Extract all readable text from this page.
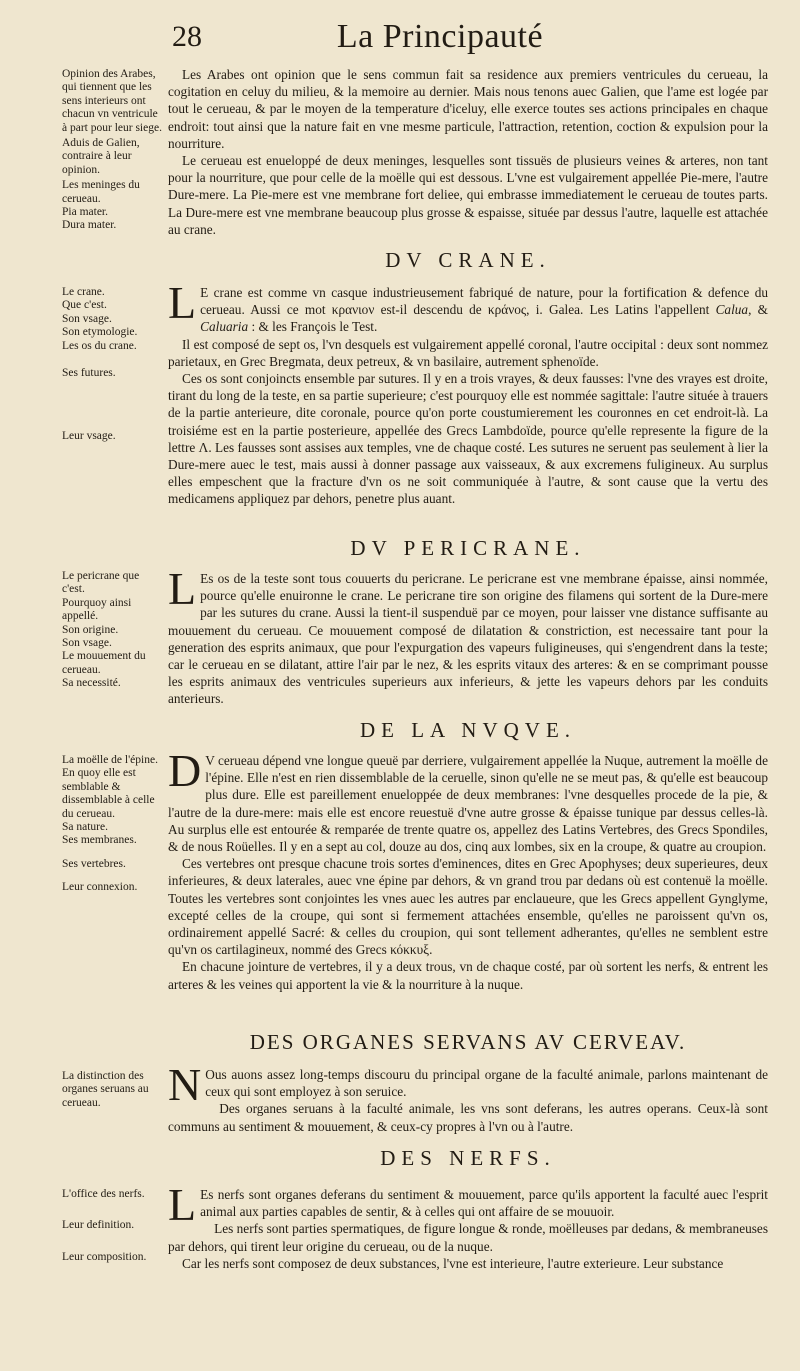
28	La Principauté

Opinion des Arabes, qui tiennent que les sens interieurs ont chacun vn ventricule à part pour leur siege.

Aduis de Galien, contraire à leur opinion.

Les meninges du cerueau.

Pia mater.

Dura mater.

Les Arabes ont opinion que le sens commun fait sa residence aux premiers ventricules du cerueau, la cogitation en celuy du milieu, & la memoire au dernier. Mais nous tenons auec Galien, que l'ame est logée par tout le cerueau, & par le moyen de la temperature d'iceluy, elle exerce toutes ses actions principales en chaque endroit: tout ainsi que la nature fait en vne mesme particule, l'attraction, retention, coction & expulsion pour la nourriture.

Le cerueau est enueloppé de deux meninges, lesquelles sont tissuës de plusieurs veines & arteres, non tant pour la nourriture, que pour celle de la moëlle qui est dessous. L'vne est vulgairement appellée Pie-mere, l'autre Dure-mere. La Pie-mere est vne membrane fort deliee, qui embrasse immediatement le cerueau de toutes parts. La Dure-mere est vne membrane beaucoup plus grosse & espaisse, située par dessus l'autre, laquelle est attachée au crane.

DV CRANE.

Le crane.

Que c'est.

Son vsage.

Son etymologie.

Les os du crane.

Ses futures.

Leur vsage.

L E crane est comme vn casque industrieusement fabriqué de nature, pour la fortification & defence du cerueau. Aussi ce mot κρανιον est-il descendu de κράνος, i. Galea. Les Latins l'appellent Calua, & Caluaria : & les François le Test.

Il est composé de sept os, l'vn desquels est vulgairement appellé coronal, l'autre occipital : deux sont nommez parietaux, en Grec Bregmata, deux petreux, & vn basilaire, autrement sphenoïde.

Ces os sont conjoincts ensemble par sutures. Il y en a trois vrayes, & deux fausses: l'vne des vrayes est droite, tirant du long de la teste, en sa partie superieure; c'est pourquoy elle est nommée sagittale: l'autre située à trauers de la partie anterieure, dite coronale, pource qu'on porte coustumierement les couronnes en cet endroit-là. La troisiéme est en la partie posterieure, appellée des Grecs Lambdoïde, pource qu'elle represente la figure de la lettre Λ. Les fausses sont assises aux temples, vne de chaque costé. Les sutures ne seruent pas seulement à lier la Dure-mere auec le test, mais aussi à donner passage aux vaisseaux, & aux excremens fuligineux. Au surplus elles empeschent que la fracture d'vn os ne soit communiquée à l'autre, & sont cause que la vertu des medicamens appliquez par dehors, penetre plus auant.

DV PERICRANE.

Le pericrane que c'est.

Pourquoy ainsi appellé.

Son origine.

Son vsage.

Le mouuement du cerueau.

Sa necessité.

L Es os de la teste sont tous couuerts du pericrane. Le pericrane est vne membrane épaisse, ainsi nommée, pource qu'elle enuironne le crane. Le pericrane tire son origine des filamens qui sortent de la Dure-mere par les sutures du crane. Aussi la tient-il suspenduë par ce moyen, pour laisser vne distance suffisante au mouuement du cerueau. Ce mouuement composé de dilatation & constriction, est necessaire tant pour la generation des esprits animaux, que pour l'expurgation des vapeurs fuligineuses, qui s'engendrent dans la teste; car le cerueau en se dilatant, attire l'air par le nez, & les esprits vitaux des arteres: & en se comprimant pousse les esprits animaux des ventricules superieurs aux inferieurs, & jette les vapeurs dehors par les conduits anterieurs.

DE LA NVQVE.

La moëlle de l'épine.

En quoy elle est semblable & dissemblable à celle du cerueau.

Sa nature.

Ses membranes.

Ses vertebres.

Leur connexion.

D V cerueau dépend vne longue queuë par derriere, vulgairement appellée la Nuque, autrement la moëlle de l'épine. Elle n'est en rien dissemblable de la ceruelle, sinon qu'elle ne se meut pas, & qu'elle est beaucoup plus dure. Elle est pareillement enueloppée de deux membranes: l'vne desquelles procede de la pie, & l'autre de la dure-mere: mais elle est encore reuestuë d'vne autre grosse & épaisse tunique par dessus celles-là. Au surplus elle est entourée & remparée de trente quatre os, appellez des Latins Vertebres, des Grecs Spondiles, & de nous Roüelles. Il y en a sept au col, douze au dos, cinq aux lombes, six en la croupe, & quatre au croupion.

Ces vertebres ont presque chacune trois sortes d'eminences, dites en Grec Apophyses; deux superieures, deux inferieures, & deux laterales, auec vne épine par dehors, & vn grand trou par dedans où est contenuë la moëlle. Toutes les vertebres sont conjointes les vnes auec les autres par enclaueure, que les Grecs appellent Gynglyme, excepté celles de la croupe, qui sont si fermement attachées ensemble, qu'elles ne paroissent qu'vn os, ordinairement appellé Sacré: & celles du croupion, qui sont tellement adherantes, qu'elles ne semblent estre qu'vn os cartilagineux, nommé des Grecs κόκκυξ.

En chacune jointure de vertebres, il y a deux trous, vn de chaque costé, par où sortent les nerfs, & entrent les arteres & les veines qui apportent la vie & la nourriture à la nuque.

DES ORGANES SERVANS AV CERVEAV.

La distinction des organes seruans au cerueau.	N Ous auons assez long-temps discouru du principal organe de la faculté animale, parlons maintenant de ceux qui sont employez à son seruice.

Des organes seruans à la faculté animale, les vns sont deferans, les autres operans. Ceux-là sont communs au sentiment & mouuement, & ceux-cy propres à l'vn ou à l'autre.

DES NERFS.

L'office des nerfs.

Leur definition.

Leur composition.

L Es nerfs sont organes deferans du sentiment & mouuement, parce qu'ils apportent la faculté auec l'esprit animal aux parties capables de sentir, & à celles qui ont affaire de se mouuoir.

Les nerfs sont parties spermatiques, de figure longue & ronde, moëlleuses par dedans, & membraneuses par dehors, qui tirent leur origine du cerueau, ou de la nuque.

Car les nerfs sont composez de deux substances, l'vne est interieure, l'autre exterieure. Leur substance
